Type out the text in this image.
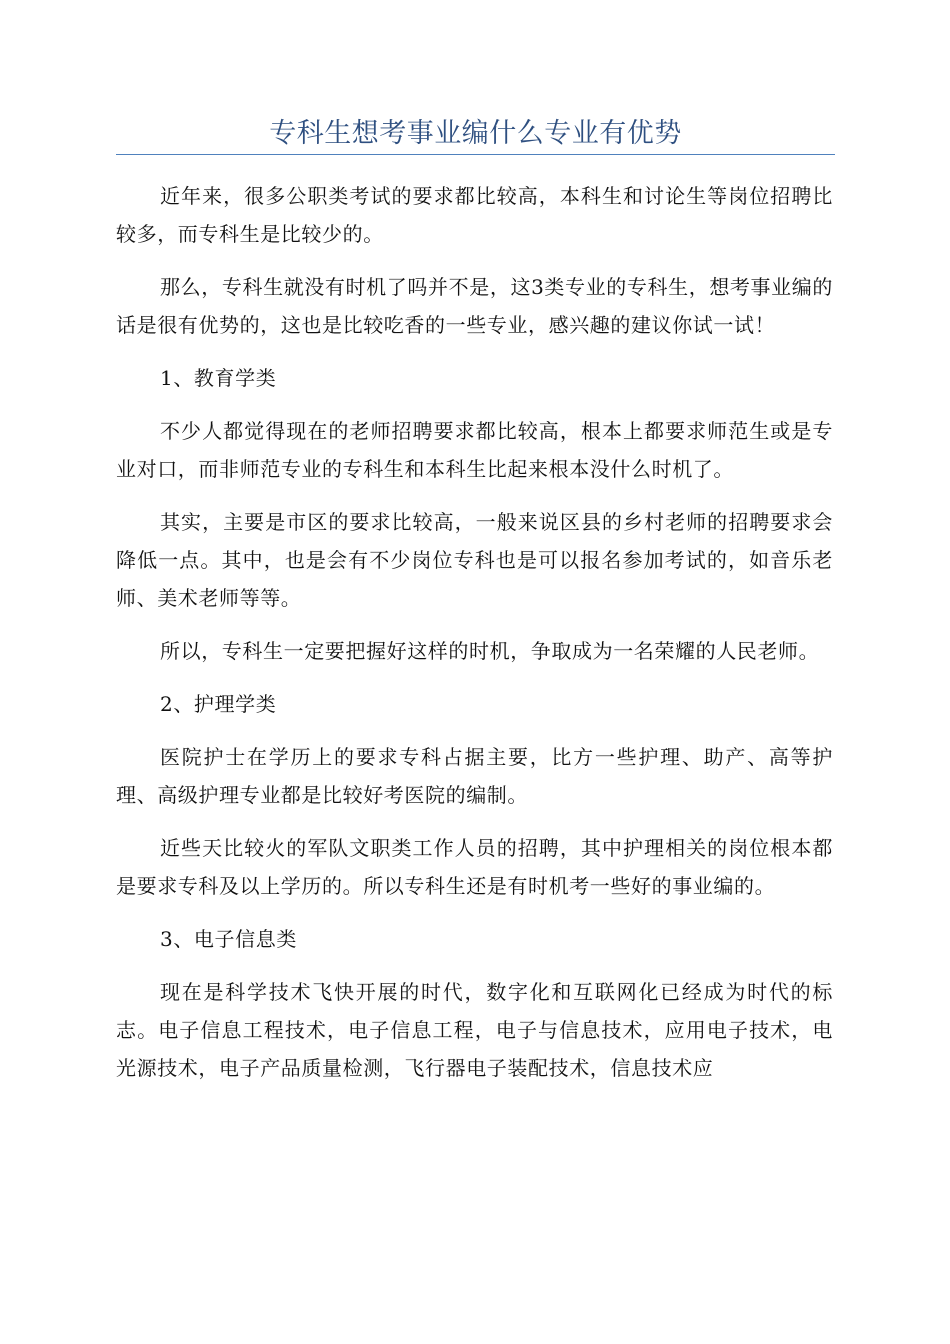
专科生想考事业编什么专业有优势

近年来，很多公职类考试的要求都比较高，本科生和讨论生等岗位招聘比较多，而专科生是比较少的。

那么，专科生就没有时机了吗并不是，这3类专业的专科生，想考事业编的话是很有优势的，这也是比较吃香的一些专业，感兴趣的建议你试一试！

1、教育学类

不少人都觉得现在的老师招聘要求都比较高，根本上都要求师范生或是专业对口，而非师范专业的专科生和本科生比起来根本没什么时机了。

其实，主要是市区的要求比较高，一般来说区县的乡村老师的招聘要求会降低一点。其中，也是会有不少岗位专科也是可以报名参加考试的，如音乐老师、美术老师等等。

所以，专科生一定要把握好这样的时机，争取成为一名荣耀的人民老师。

2、护理学类

医院护士在学历上的要求专科占据主要，比方一些护理、助产、高等护理、高级护理专业都是比较好考医院的编制。

近些天比较火的军队文职类工作人员的招聘，其中护理相关的岗位根本都是要求专科及以上学历的。所以专科生还是有时机考一些好的事业编的。

3、电子信息类

现在是科学技术飞快开展的时代，数字化和互联网化已经成为时代的标志。电子信息工程技术，电子信息工程，电子与信息技术，应用电子技术，电光源技术，电子产品质量检测，飞行器电子装配技术，信息技术应
